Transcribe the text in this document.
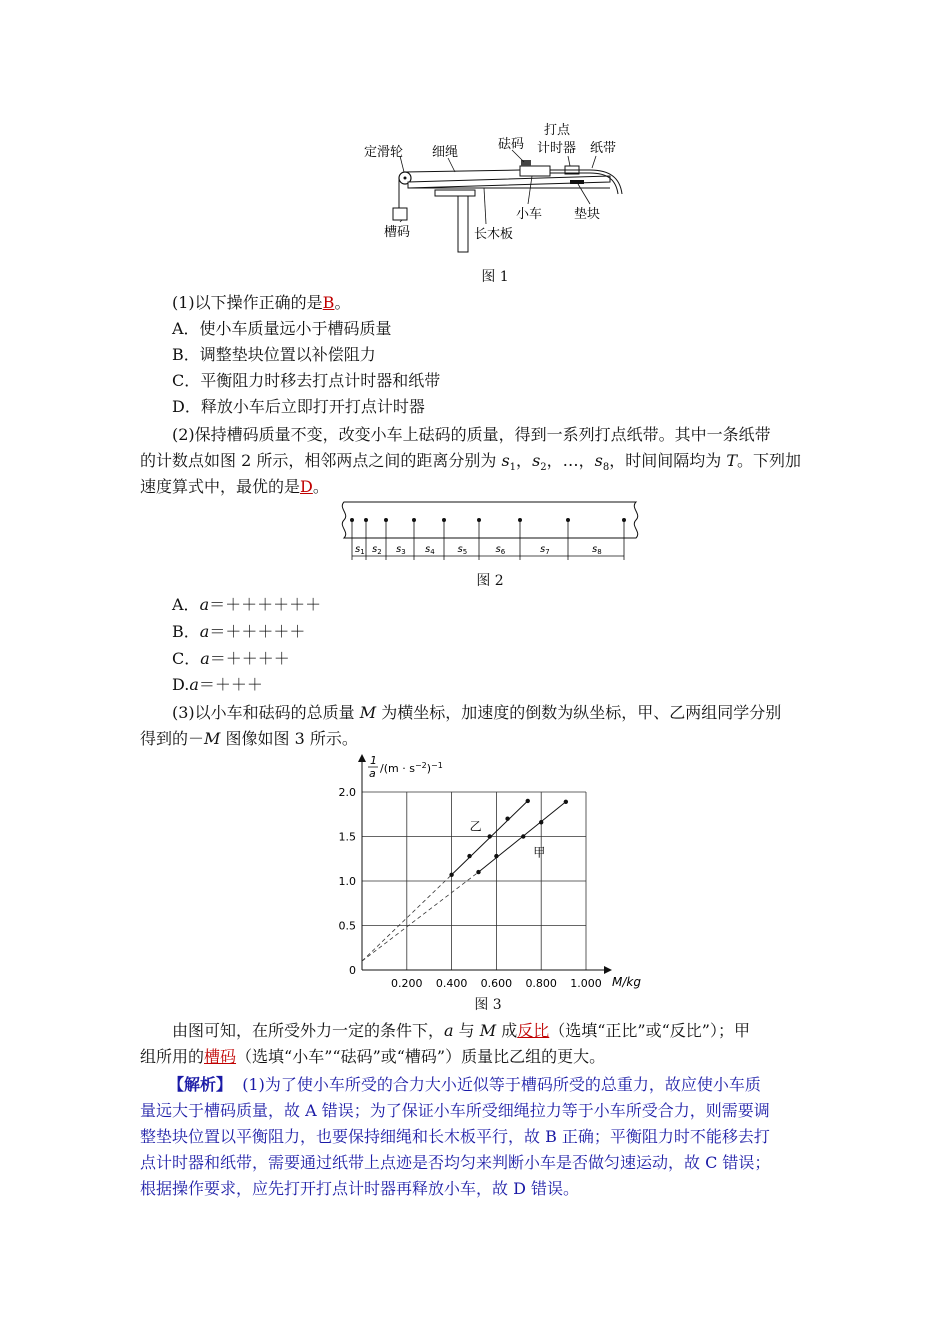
定滑轮 细绳
砝码
打点
计时器 纸带
槽码
小车
长木板
垫块
图 1
(1)以下操作正确的是B。
A．使小车质量远小于槽码质量
B．调整垫块位置以补偿阻力
C．平衡阻力时移去打点计时器和纸带
D．释放小车后立即打开打点计时器
(2)保持槽码质量不变，改变小车上砝码的质量，得到一系列打点纸带。其中一条纸带
的计数点如图 2 所示，相邻两点之间的距离分别为 $s_1$，$s_2$，…，$s_8$，时间间隔均为 T。下列加
速度算式中，最优的是D。
$s_1$ $s_2$ $s_3$ $s_4$ $s_5$	$s_6$	$s_7$	$s_8$
图 2
A．a＝＋＋＋＋＋＋
B．a＝＋＋＋＋＋
C．a＝＋＋＋＋
D.a＝＋＋＋
(3)以小车和砝码的总质量 M 为横坐标，加速度的倒数为纵坐标，甲、乙两组同学分别
得到的－M 图像如图 3 所示。
0.200 0.400 0.600 0.800 1.000
0
0.5
1.0
1.5
2.0
乙
甲
1
a $/(m \cdot s^{-2})^{-1}$
M/kg
图 3
由图可知，在所受外力一定的条件下，a 与 M 成反比（选填“正比”或“反比”）；甲
组所用的槽码（选填“小车”“砝码”或“槽码”）质量比乙组的更大。
【解析】 (1)为了使小车所受的合力大小近似等于槽码所受的总重力，故应使小车质
量远大于槽码质量，故 A 错误；为了保证小车所受细绳拉力等于小车所受合力，则需要调
整垫块位置以平衡阻力，也要保持细绳和长木板平行，故 B 正确；平衡阻力时不能移去打
点计时器和纸带，需要通过纸带上点迹是否均匀来判断小车是否做匀速运动，故 C 错误；
根据操作要求，应先打开打点计时器再释放小车，故 D 错误。
